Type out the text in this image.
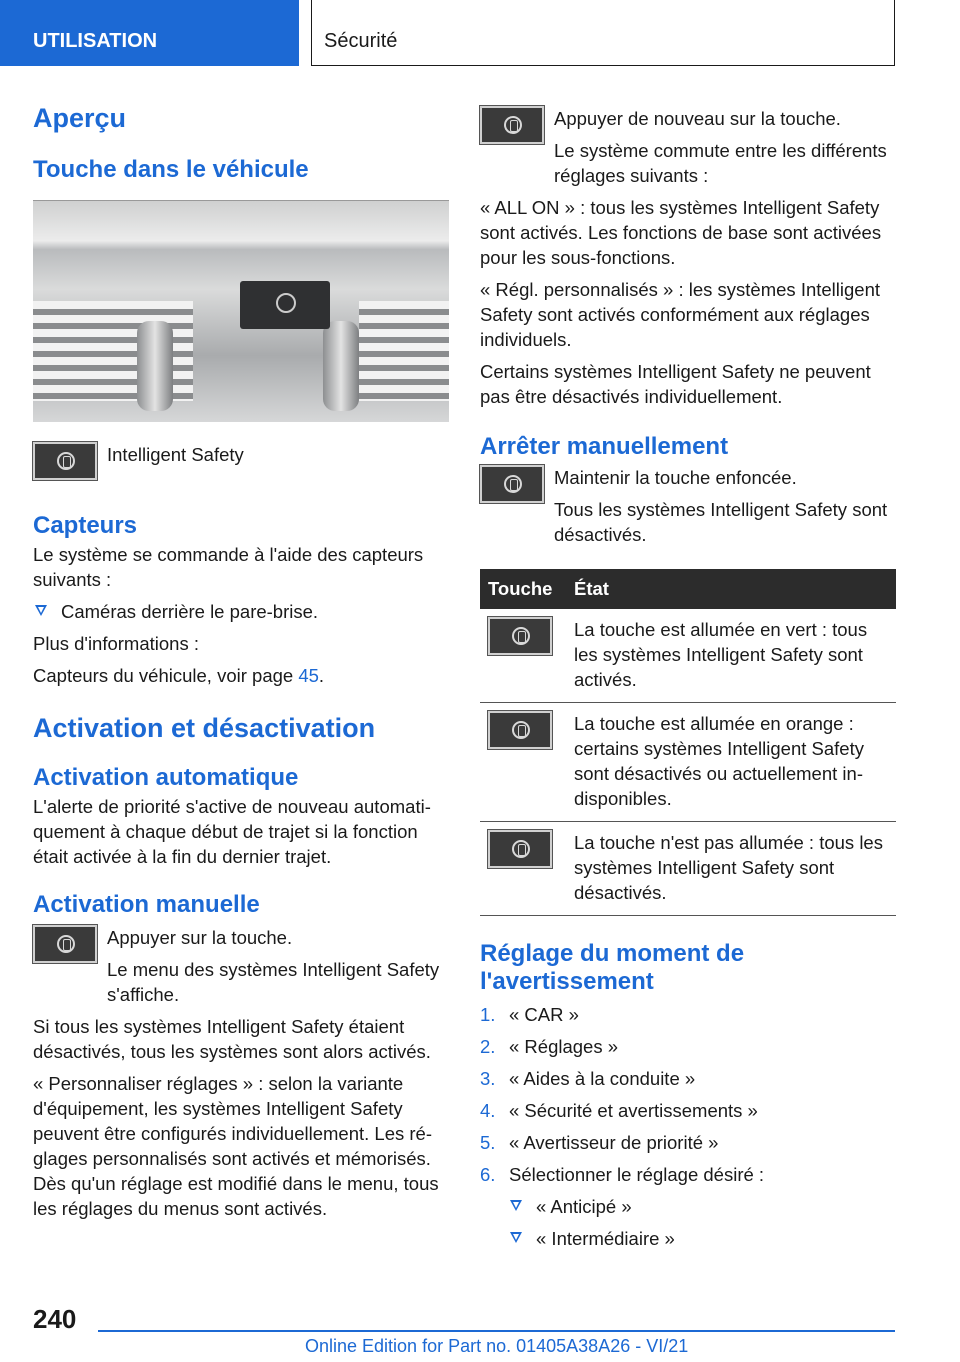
UTILISATION	Sécurité
Aperçu
Touche dans le véhicule
Intelligent Safety
Capteurs

Le système se commande à l'aide des capteurs suivants :

Caméras derrière le pare-brise.

Plus d'informations :

Capteurs du véhicule, voir page 45.

Activation et désactivation
Activation automatique

L'alerte de priorité s'active de nouveau automatiquement à chaque début de trajet si la fonction était activée à la fin du dernier trajet.

Activation manuelle
Appuyer sur la touche.
Le menu des systèmes Intelligent Safety s'affiche.

Si tous les systèmes Intelligent Safety étaient désactivés, tous les systèmes sont alors activés.

« Personnaliser réglages » : selon la variante d'équipement, les systèmes Intelligent Safety peuvent être configurés individuellement. Les réglages personnalisés sont activés et mémorisés. Dès qu'un réglage est modifié dans le menu, tous les réglages du menus sont activés.

Appuyer de nouveau sur la touche.
Le système commute entre les différents réglages suivants :

« ALL ON » : tous les systèmes Intelligent Safety sont activés. Les fonctions de base sont activées pour les sous-fonctions.

« Régl. personnalisés » : les systèmes Intelligent Safety sont activés conformément aux réglages individuels.

Certains systèmes Intelligent Safety ne peuvent pas être désactivés individuellement.

Arrêter manuellement
Maintenir la touche enfoncée.
Tous les systèmes Intelligent Safety sont désactivés.
Touche	État

	La touche est allumée en vert : tous les systèmes Intelligent Safety sont activés.

	La touche est allumée en orange : certains systèmes Intelligent Safety sont désactivés ou actuellement indisponibles.

	La touche n'est pas allumée : tous les systèmes Intelligent Safety sont désactivés.
Réglage du moment de l'avertissement
1. « CAR »
2. « Réglages »
3. « Aides à la conduite »
4. « Sécurité et avertissements »
5. « Avertisseur de priorité »
6. Sélectionner le réglage désiré :
« Anticipé »
« Intermédiaire »
240
Online Edition for Part no. 01405A38A26 - VI/21
